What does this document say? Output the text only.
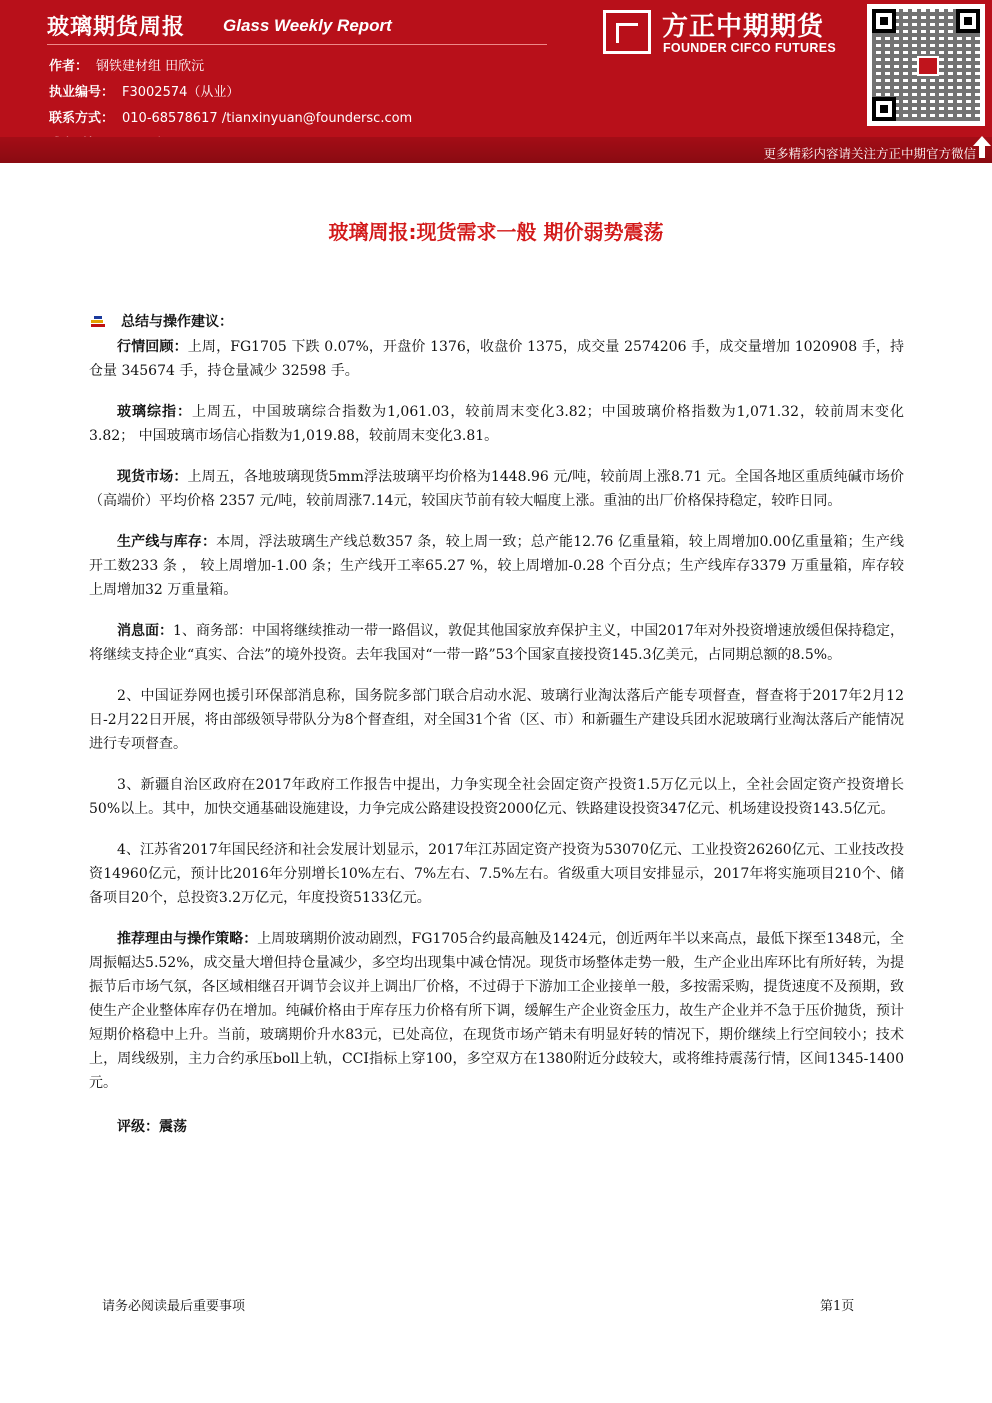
玻璃期货周报 Glass Weekly Report
作者： 钢铁建材组 田欣沅
执业编号： F3002574（从业）
联系方式： 010-68578617 /tianxinyuan@foundersc.com
方正中期期货
FOUNDER CIFCO FUTURES
更多精彩内容请关注方正中期官方微信
玻璃周报:现货需求一般 期价弱势震荡
总结与操作建议：

行情回顾：上周，FG1705 下跌 0.07%，开盘价 1376，收盘价 1375，成交量 2574206 手，成交量增加 1020908 手，持仓量 345674 手，持仓量减少 32598 手。

玻璃综指：上周五，中国玻璃综合指数为1,061.03，较前周末变化3.82；中国玻璃价格指数为1,071.32，较前周末变化3.82； 中国玻璃市场信心指数为1,019.88，较前周末变化3.81。

现货市场：上周五，各地玻璃现货5mm浮法玻璃平均价格为1448.96 元/吨，较前周上涨8.71 元。全国各地区重质纯碱市场价（高端价）平均价格 2357 元/吨，较前周涨7.14元，较国庆节前有较大幅度上涨。重油的出厂价格保持稳定，较昨日同。

生产线与库存：本周，浮法玻璃生产线总数357 条，较上周一致；总产能12.76 亿重量箱，较上周增加0.00亿重量箱；生产线开工数233 条 ， 较上周增加-1.00 条；生产线开工率65.27 %，较上周增加-0.28 个百分点；生产线库存3379 万重量箱，库存较上周增加32 万重量箱。

消息面：1、商务部：中国将继续推动一带一路倡议，敦促其他国家放弃保护主义，中国2017年对外投资增速放缓但保持稳定，将继续支持企业“真实、合法”的境外投资。去年我国对“一带一路”53个国家直接投资145.3亿美元，占同期总额的8.5%。

2、中国证券网也援引环保部消息称，国务院多部门联合启动水泥、玻璃行业淘汰落后产能专项督查，督查将于2017年2月12日-2月22日开展，将由部级领导带队分为8个督查组，对全国31个省（区、市）和新疆生产建设兵团水泥玻璃行业淘汰落后产能情况进行专项督查。

3、新疆自治区政府在2017年政府工作报告中提出，力争实现全社会固定资产投资1.5万亿元以上，全社会固定资产投资增长50%以上。其中，加快交通基础设施建设，力争完成公路建设投资2000亿元、铁路建设投资347亿元、机场建设投资143.5亿元。

4、江苏省2017年国民经济和社会发展计划显示，2017年江苏固定资产投资为53070亿元、工业投资26260亿元、工业技改投资14960亿元，预计比2016年分别增长10%左右、7%左右、7.5%左右。省级重大项目安排显示，2017年将实施项目210个、储备项目20个，总投资3.2万亿元，年度投资5133亿元。

推荐理由与操作策略：上周玻璃期价波动剧烈，FG1705合约最高触及1424元，创近两年半以来高点，最低下探至1348元，全周振幅达5.52%，成交量大增但持仓量减少，多空均出现集中减仓情况。现货市场整体走势一般，生产企业出库环比有所好转，为提振节后市场气氛，各区域相继召开调节会议并上调出厂价格，不过碍于下游加工企业接单一般，多按需采购，提货速度不及预期，致使生产企业整体库存仍在增加。纯碱价格由于库存压力价格有所下调，缓解生产企业资金压力，故生产企业并不急于压价抛货，预计短期价格稳中上升。当前，玻璃期价升水83元，已处高位，在现货市场产销未有明显好转的情况下，期价继续上行空间较小；技术上，周线级别，主力合约承压boll上轨，CCI指标上穿100，多空双方在1380附近分歧较大，或将维持震荡行情，区间1345-1400元。

评级：震荡

请务必阅读最后重要事项	第1页
